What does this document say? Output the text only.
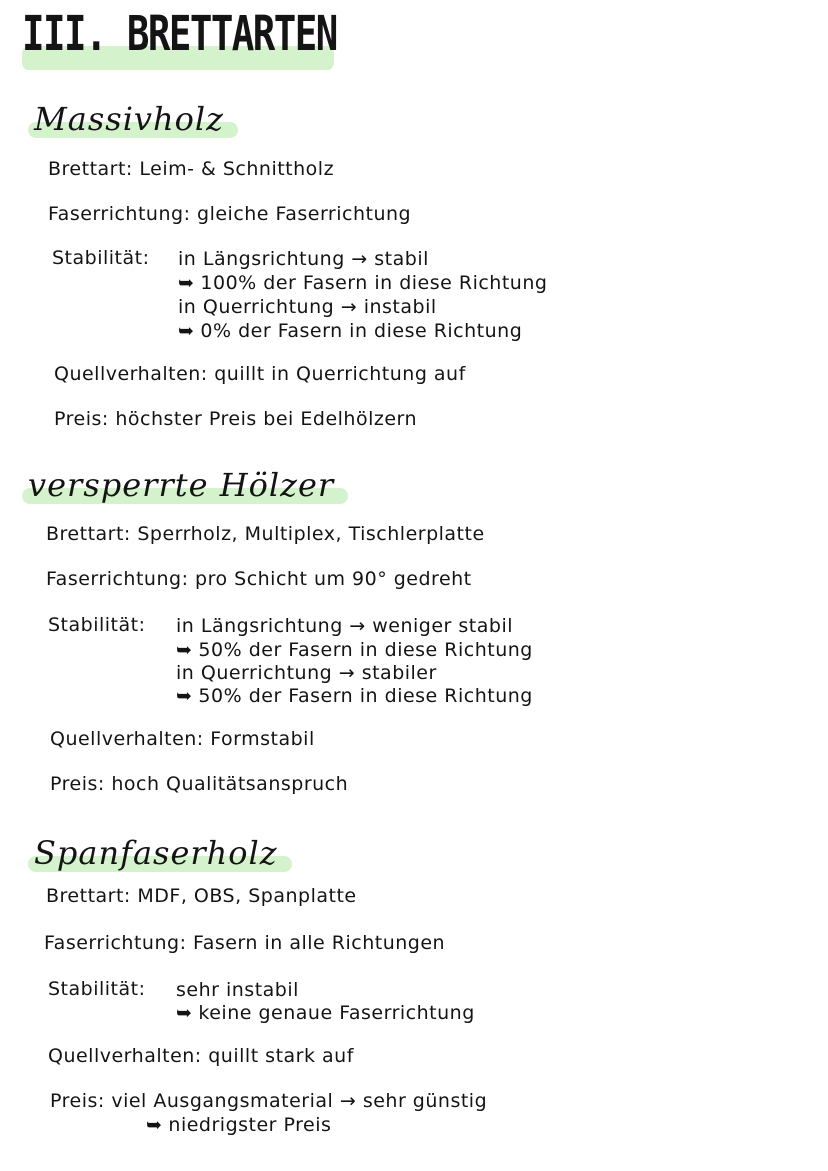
III. BRETTARTEN
Massivholz
Brettart: Leim- & Schnittholz
Faserrichtung: gleiche Faserrichtung
Stabilität: in Längsrichtung → stabil
➥ 100% der Fasern in diese Richtung
in Querrichtung → instabil
➥ 0% der Fasern in diese Richtung
Quellverhalten: quillt in Querrichtung auf
Preis: höchster Preis bei Edelhölzern
versperrte Hölzer
Brettart: Sperrholz, Multiplex, Tischlerplatte
Faserrichtung: pro Schicht um 90° gedreht
Stabilität: in Längsrichtung → weniger stabil
➥ 50% der Fasern in diese Richtung
in Querrichtung → stabiler
➥ 50% der Fasern in diese Richtung
Quellverhalten: Formstabil
Preis: hoch Qualitätsanspruch
Spanfaserholz
Brettart: MDF, OBS, Spanplatte
Faserrichtung: Fasern in alle Richtungen
Stabilität: sehr instabil
➥ keine genaue Faserrichtung
Quellverhalten: quillt stark auf
Preis: viel Ausgangsmaterial → sehr günstig
➥ niedrigster Preis
